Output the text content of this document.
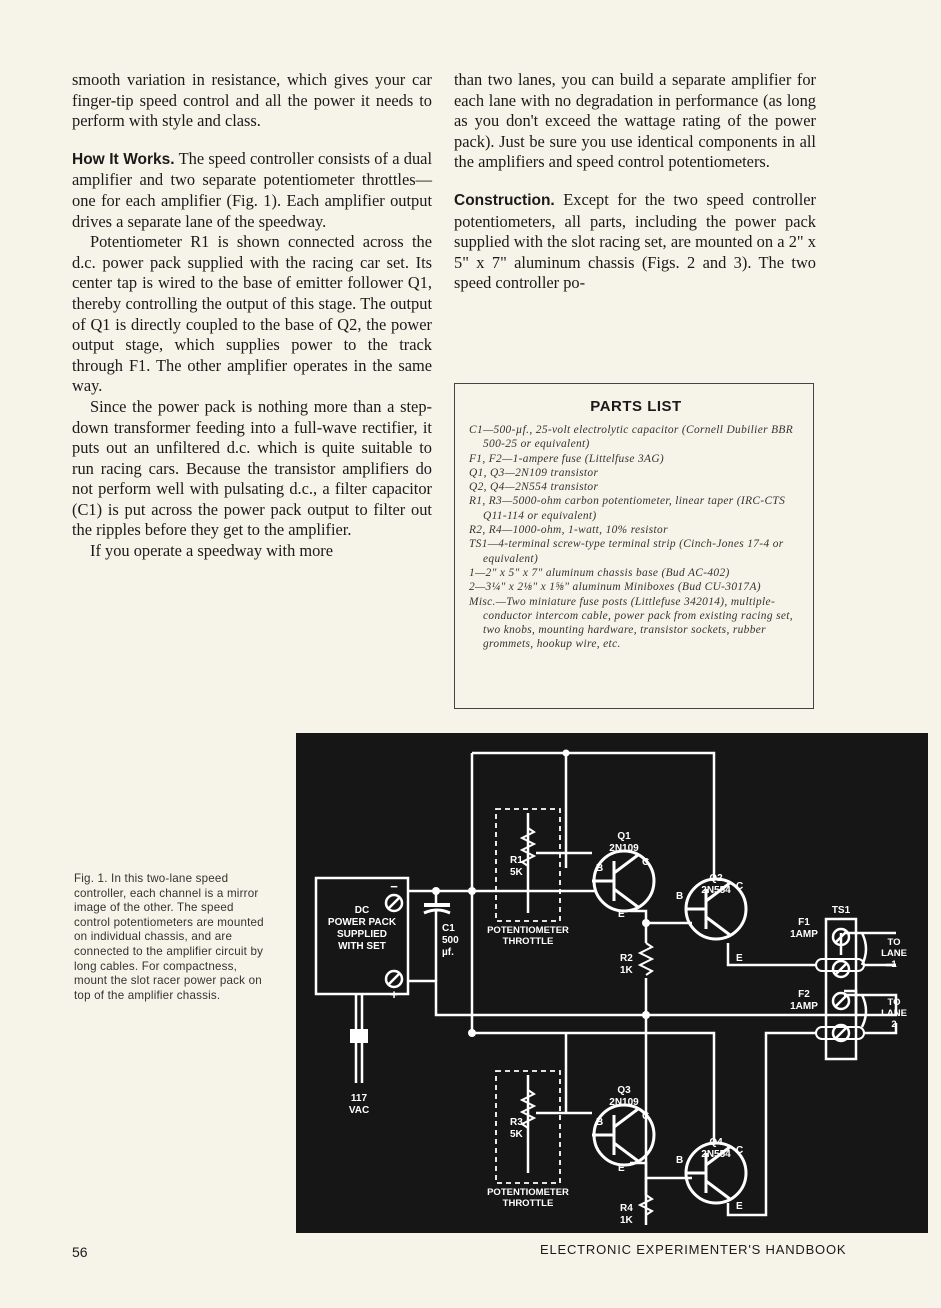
smooth variation in resistance, which gives your car finger-tip speed control and all the power it needs to perform with style and class.

How It Works. The speed controller consists of a dual amplifier and two separate potentiometer throttles—one for each amplifier (Fig. 1). Each amplifier output drives a separate lane of the speedway.

Potentiometer R1 is shown connected across the d.c. power pack supplied with the racing car set. Its center tap is wired to the base of emitter follower Q1, thereby controlling the output of this stage. The output of Q1 is directly coupled to the base of Q2, the power output stage, which supplies power to the track through F1. The other amplifier operates in the same way.

Since the power pack is nothing more than a step-down transformer feeding into a full-wave rectifier, it puts out an unfiltered d.c. which is quite suitable to run racing cars. Because the transistor amplifiers do not perform well with pulsating d.c., a filter capacitor (C1) is put across the power pack output to filter out the ripples before they get to the amplifier.

If you operate a speedway with more

than two lanes, you can build a separate amplifier for each lane with no degradation in performance (as long as you don't exceed the wattage rating of the power pack). Just be sure you use identical components in all the amplifiers and speed control potentiometers.

Construction. Except for the two speed controller potentiometers, all parts, including the power pack supplied with the slot racing set, are mounted on a 2" x 5" x 7" aluminum chassis (Figs. 2 and 3). The two speed controller po-

PARTS LIST
C1—500-µf., 25-volt electrolytic capacitor (Cornell Dubilier BBR 500-25 or equivalent)
F1, F2—1-ampere fuse (Littelfuse 3AG)
Q1, Q3—2N109 transistor
Q2, Q4—2N554 transistor
R1, R3—5000-ohm carbon potentiometer, linear taper (IRC-CTS Q11-114 or equivalent)
R2, R4—1000-ohm, 1-watt, 10% resistor
TS1—4-terminal screw-type terminal strip (Cinch-Jones 17-4 or equivalent)
1—2" x 5" x 7" aluminum chassis base (Bud AC-402)
2—3¼" x 2⅛" x 1⅝" aluminum Miniboxes (Bud CU-3017A)
Misc.—Two miniature fuse posts (Littlefuse 342014), multiple-conductor intercom cable, power pack from existing racing set, two knobs, mounting hardware, transistor sockets, rubber grommets, hookup wire, etc.
Fig. 1. In this two-lane speed controller, each channel is a mirror image of the other. The speed control potentiometers are mounted on individual chassis, and are connected to the amplifier circuit by long cables. For compactness, mount the slot racer power pack on top of the amplifier chassis.
DC
POWER PACK
SUPPLIED
WITH SET
−
+
C1
500
µf.
117
VAC
Q1
2N109
Q2
2N554
Q3
2N109
Q4
2N554
B
C
E
B
C
E
B
C
E
B
C
E
R1
5K
R3
5K
R2
1K
R4
1K
POTENTIOMETER
THROTTLE
POTENTIOMETER
THROTTLE
F1
1AMP
F2
1AMP
TS1
TO
LANE
1
TO
LANE
2
56	ELECTRONIC EXPERIMENTER'S HANDBOOK
